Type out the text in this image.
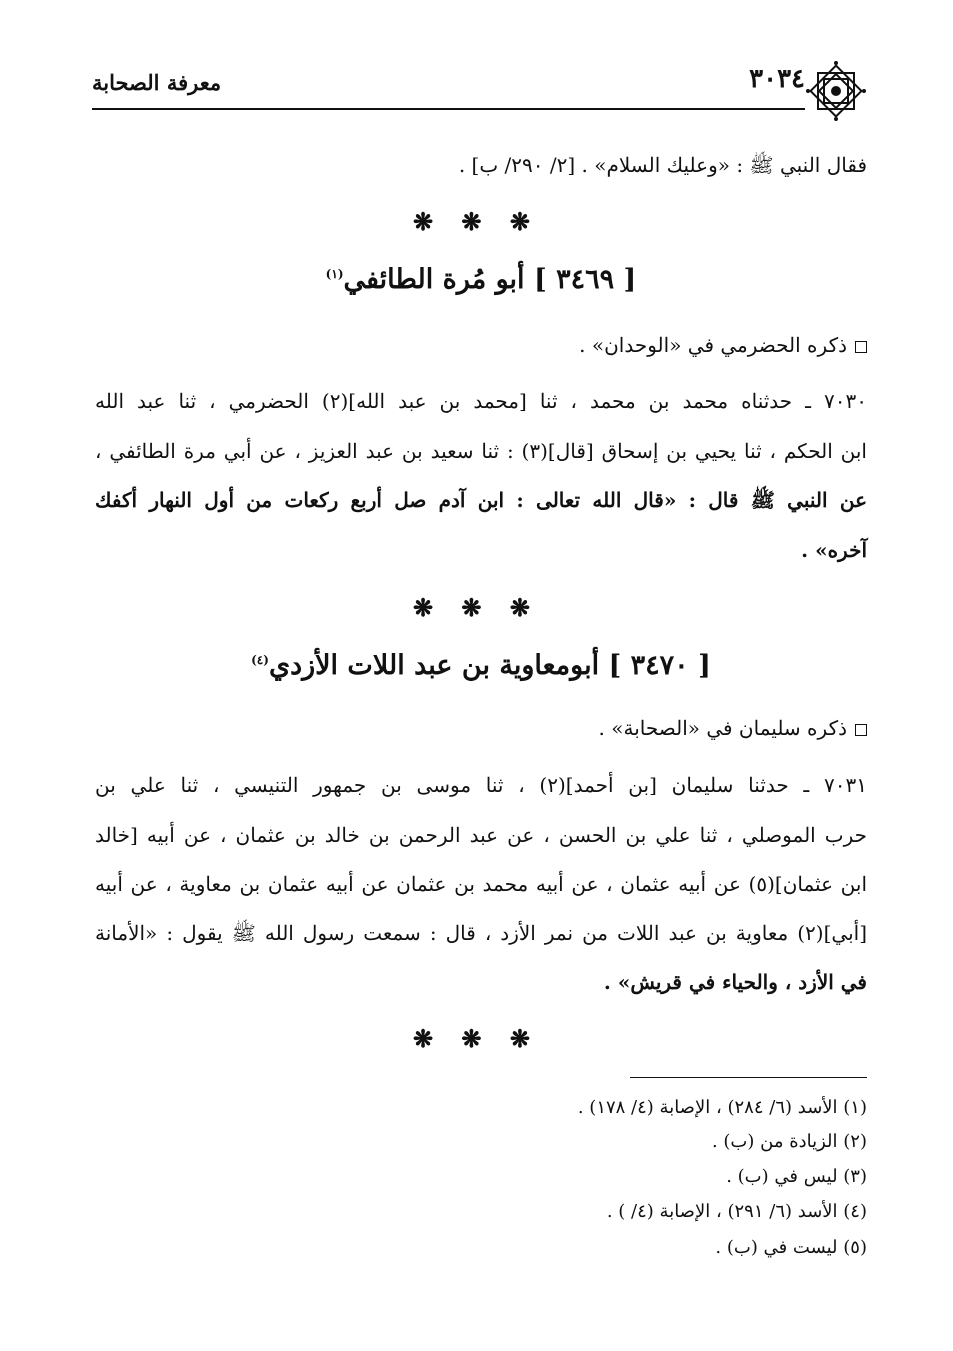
معرفة الصحابة	٣٠٣٤
فقال النبي ﷺ : «وعليك السلام» . [٢/ ٢٩٠/ ب] .
❋ ❋ ❋
[ ٣٤٦٩ ] أبو مُرة الطائفي$^{(١)}$
ذكره الحضرمي في «الوحدان» .
٧٠٣٠ ـ حدثناه محمد بن محمد ، ثنا [محمد بن عبد الله](٢) الحضرمي ، ثنا عبد الله
ابن الحكم ، ثنا يحيي بن إسحاق [قال](٣) : ثنا سعيد بن عبد العزيز ، عن أبي مرة الطائفي ،
عن النبي ﷺ قال : «قال الله تعالى : ابن آدم صل أربع ركعات من أول النهار أكفك
آخره» .
❋ ❋ ❋
[ ٣٤٧٠ ] أبومعاوية بن عبد اللات الأزدي$^{(٤)}$
ذكره سليمان في «الصحابة» .
٧٠٣١ ـ حدثنا سليمان [بن أحمد](٢) ، ثنا موسى بن جمهور التنيسي ، ثنا علي بن
حرب الموصلي ، ثنا علي بن الحسن ، عن عبد الرحمن بن خالد بن عثمان ، عن أبيه [خالد
ابن عثمان](٥) عن أبيه عثمان ، عن أبيه محمد بن عثمان عن أبيه عثمان بن معاوية ، عن أبيه
[أبي](٢) معاوية بن عبد اللات من نمر الأزد ، قال : سمعت رسول الله ﷺ يقول : «الأمانة
في الأزد ، والحياء في قريش» .
❋ ❋ ❋
(١) الأسد (٦/ ٢٨٤) ، الإصابة (٤/ ١٧٨) .
(٢) الزيادة من (ب) .
(٣) ليس في (ب) .
(٤) الأسد (٦/ ٢٩١) ، الإصابة (٤/ ) .
(٥) ليست في (ب) .
